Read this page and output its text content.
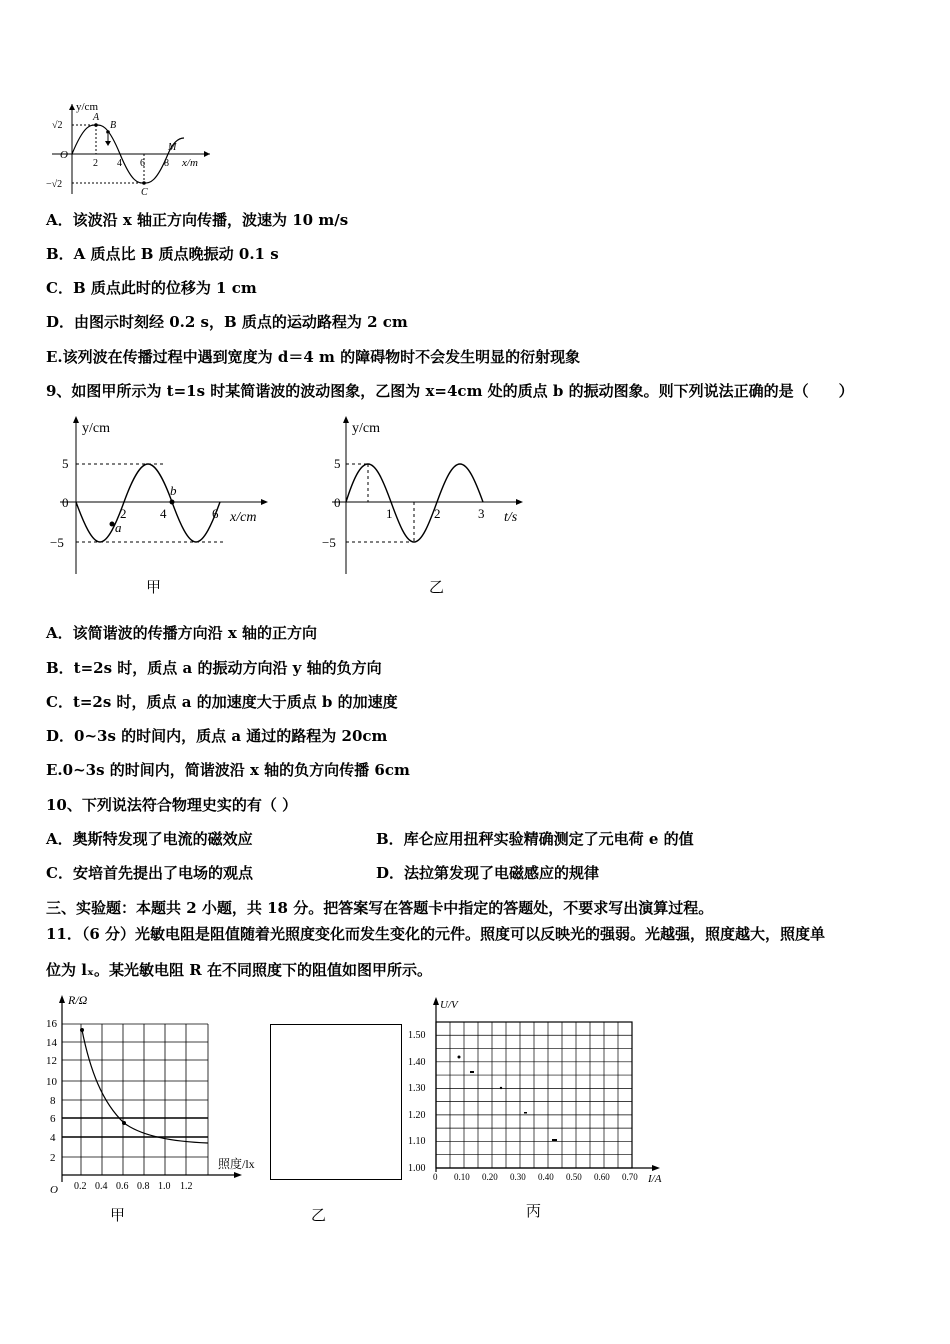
y/cm
x/m
O
√2
−√2
2 4 6 8
A
B
C
M
A．该波沿 x 轴正方向传播，波速为 10 m/s
B．A 质点比 B 质点晚振动 0.1 s
C．B 质点此时的位移为 1 cm
D．由图示时刻经 0.2 s，B 质点的运动路程为 2 cm
E.该列波在传播过程中遇到宽度为 d＝4 m 的障碍物时不会发生明显的衍射现象
9、如图甲所示为 t=1s 时某简谐波的波动图象，乙图为 x=4cm 处的质点 b 的振动图象。则下列说法正确的是（　　）
y/cm
x/cm
5
0
−5
2	4	6
a
b
甲
y/cm
t/s
5
0
−5
1	2	3
乙
A．该简谐波的传播方向沿 x 轴的正方向
B．t=2s 时，质点 a 的振动方向沿 y 轴的负方向
C．t=2s 时，质点 a 的加速度大于质点 b 的加速度
D．0~3s 的时间内，质点 a 通过的路程为 20cm
E.0~3s 的时间内，简谐波沿 x 轴的负方向传播 6cm
10、下列说法符合物理史实的有（ ）
A．奥斯特发现了电流的磁效应	B．库仑应用扭秤实验精确测定了元电荷 e 的值
C．安培首先提出了电场的观点	D．法拉第发现了电磁感应的规律
三、实验题：本题共 2 小题，共 18 分。把答案写在答题卡中指定的答题处，不要求写出演算过程。
11．（6 分）光敏电阻是阻值随着光照度变化而发生变化的元件。照度可以反映光的强弱。光越强，照度越大，照度单
位为 lₓ。某光敏电阻 R 在不同照度下的阻值如图甲所示。
R/Ω
照度/lx
O
16
14
12
10
8
6
4
2
0.2 0.4 0.6 0.8 1.0 1.2
甲	乙
U/V
I/A
1.50
1.40
1.30
1.20
1.10
1.00
0 0.10 0.20 0.30 0.40 0.50 0.60 0.70
丙
